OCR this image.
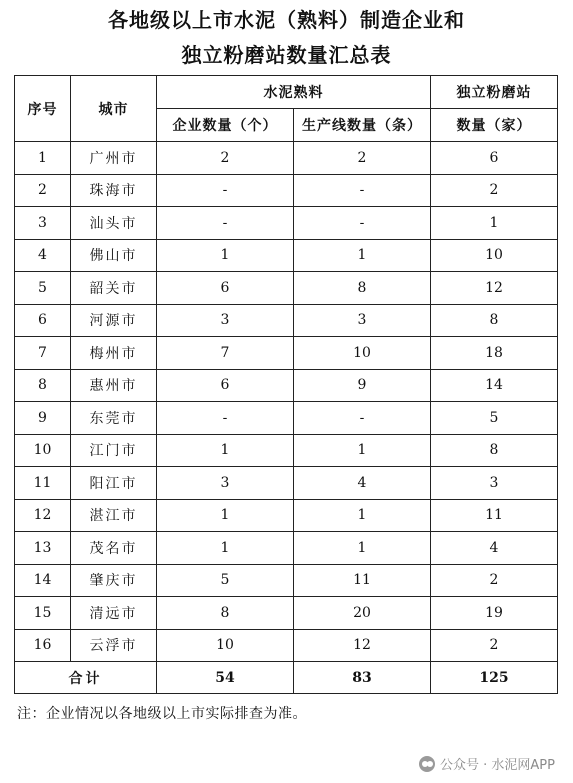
各地级以上市水泥（熟料）制造企业和
独立粉磨站数量汇总表
序号	城市	水泥熟料		独立粉磨站
		企业数量（个）	生产线数量（条）	数量（家）
1	广州市	2	2	6
2	珠海市	-	-	2
3	汕头市	-	-	1
4	佛山市	1	1	10
5	韶关市	6	8	12
6	河源市	3	3	8
7	梅州市	7	10	18
8	惠州市	6	9	14
9	东莞市	-	-	5
10	江门市	1	1	8
11	阳江市	3	4	3
12	湛江市	1	1	11
13	茂名市	1	1	4
14	肇庆市	5	11	2
15	清远市	8	20	19
16	云浮市	10	12	2
合计		54	83	125
注：企业情况以各地级以上市实际排查为准。
公众号 · 水泥网APP
